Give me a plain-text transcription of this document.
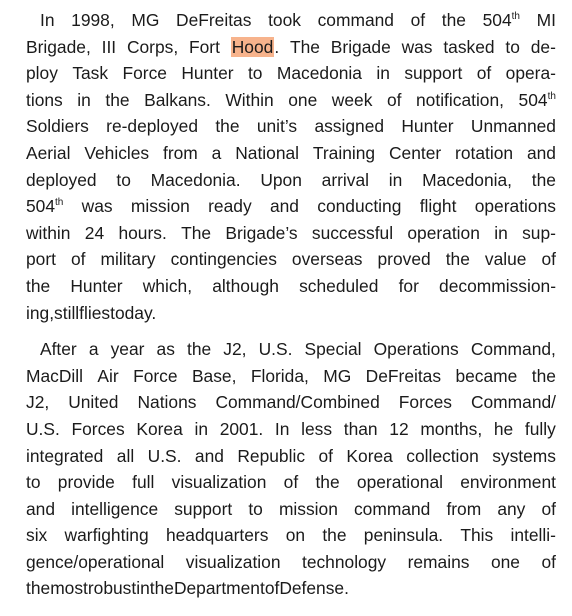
In 1998, MG DeFreitas took command of the 504th MI
Brigade, III Corps, Fort Hood. The Brigade was tasked to de-
ploy Task Force Hunter to Macedonia in support of opera-
tions in the Balkans. Within one week of notification, 504th
Soldiers re-deployed the unit’s assigned Hunter Unmanned
Aerial Vehicles from a National Training Center rotation and
deployed to Macedonia. Upon arrival in Macedonia, the
504th was mission ready and conducting flight operations
within 24 hours. The Brigade’s successful operation in sup-
port of military contingencies overseas proved the value of
the Hunter which, although scheduled for decommission-
ing, still flies today.
After a year as the J2, U.S. Special Operations Command,
MacDill Air Force Base, Florida, MG DeFreitas became the
J2, United Nations Command/Combined Forces Command/
U.S. Forces Korea in 2001. In less than 12 months, he fully
integrated all U.S. and Republic of Korea collection systems
to provide full visualization of the operational environment
and intelligence support to mission command from any of
six warfighting headquarters on the peninsula. This intelli-
gence/operational visualization technology remains one of
the most robust in the Department of Defense.
